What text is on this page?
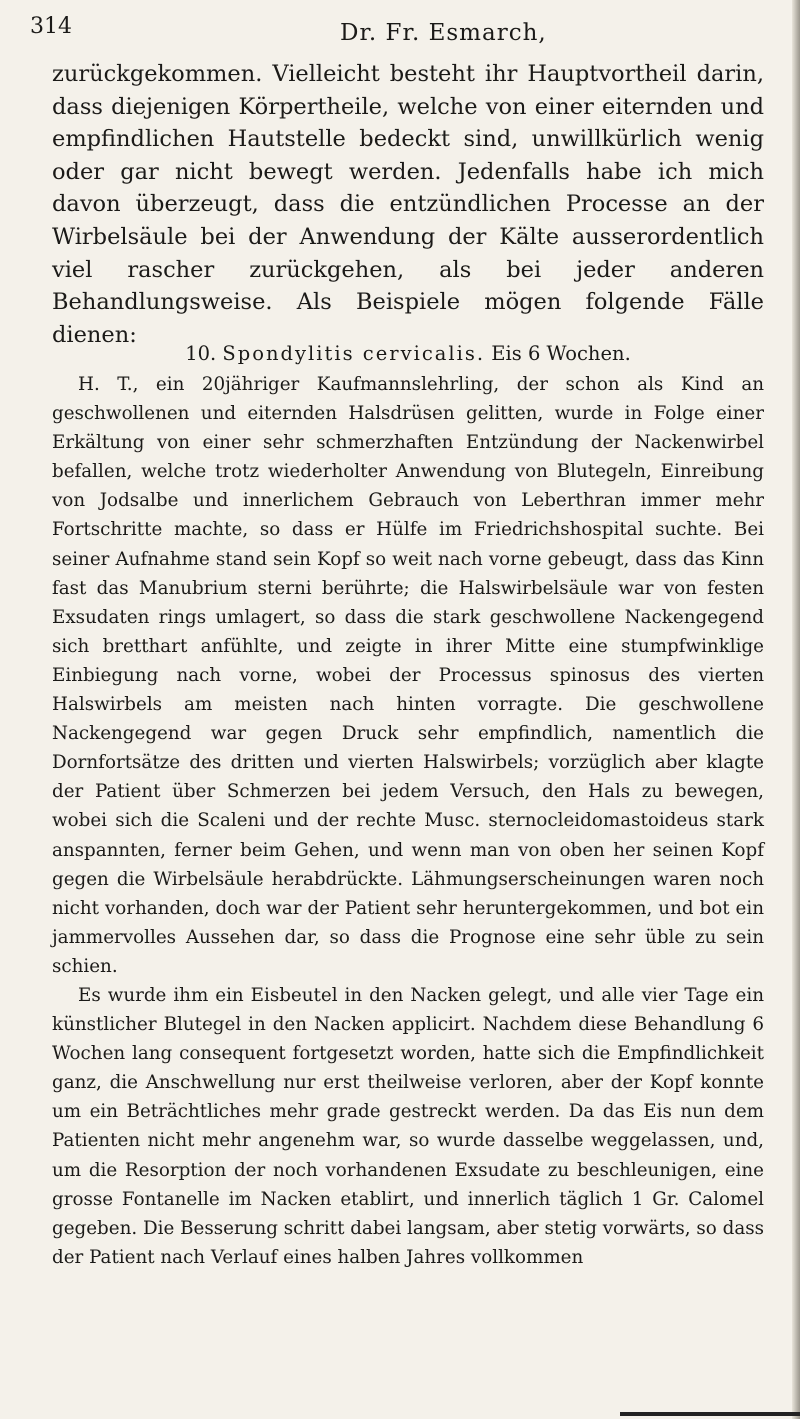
314	Dr. Fr. Esmarch,

zurückgekommen. Vielleicht besteht ihr Hauptvortheil darin, dass diejenigen Körpertheile, welche von einer eiternden und empfindlichen Hautstelle bedeckt sind, unwillkürlich wenig oder gar nicht bewegt werden. Jedenfalls habe ich mich davon überzeugt, dass die entzündlichen Processe an der Wirbelsäule bei der Anwendung der Kälte ausserordentlich viel rascher zurückgehen, als bei jeder anderen Behandlungsweise. Als Beispiele mögen folgende Fälle dienen:

10. Spondylitis cervicalis. Eis 6 Wochen.

H. T., ein 20jähriger Kaufmannslehrling, der schon als Kind an geschwollenen und eiternden Halsdrüsen gelitten, wurde in Folge einer Erkältung von einer sehr schmerzhaften Entzündung der Nackenwirbel befallen, welche trotz wiederholter Anwendung von Blutegeln, Einreibung von Jodsalbe und innerlichem Gebrauch von Leberthran immer mehr Fortschritte machte, so dass er Hülfe im Friedrichshospital suchte. Bei seiner Aufnahme stand sein Kopf so weit nach vorne gebeugt, dass das Kinn fast das Manubrium sterni berührte; die Halswirbelsäule war von festen Exsudaten rings umlagert, so dass die stark geschwollene Nackengegend sich bretthart anfühlte, und zeigte in ihrer Mitte eine stumpfwinklige Einbiegung nach vorne, wobei der Processus spinosus des vierten Halswirbels am meisten nach hinten vorragte. Die geschwollene Nackengegend war gegen Druck sehr empfindlich, namentlich die Dornfortsätze des dritten und vierten Halswirbels; vorzüglich aber klagte der Patient über Schmerzen bei jedem Versuch, den Hals zu bewegen, wobei sich die Scaleni und der rechte Musc. sternocleidomastoideus stark anspannten, ferner beim Gehen, und wenn man von oben her seinen Kopf gegen die Wirbelsäule herabdrückte. Lähmungserscheinungen waren noch nicht vorhanden, doch war der Patient sehr heruntergekommen, und bot ein jammervolles Aussehen dar, so dass die Prognose eine sehr üble zu sein schien.

Es wurde ihm ein Eisbeutel in den Nacken gelegt, und alle vier Tage ein künstlicher Blutegel in den Nacken applicirt. Nachdem diese Behandlung 6 Wochen lang consequent fortgesetzt worden, hatte sich die Empfindlichkeit ganz, die Anschwellung nur erst theilweise verloren, aber der Kopf konnte um ein Beträchtliches mehr grade gestreckt werden. Da das Eis nun dem Patienten nicht mehr angenehm war, so wurde dasselbe weggelassen, und, um die Resorption der noch vorhandenen Exsudate zu beschleunigen, eine grosse Fontanelle im Nacken etablirt, und innerlich täglich 1 Gr. Calomel gegeben. Die Besserung schritt dabei langsam, aber stetig vorwärts, so dass der Patient nach Verlauf eines halben Jahres vollkommen
